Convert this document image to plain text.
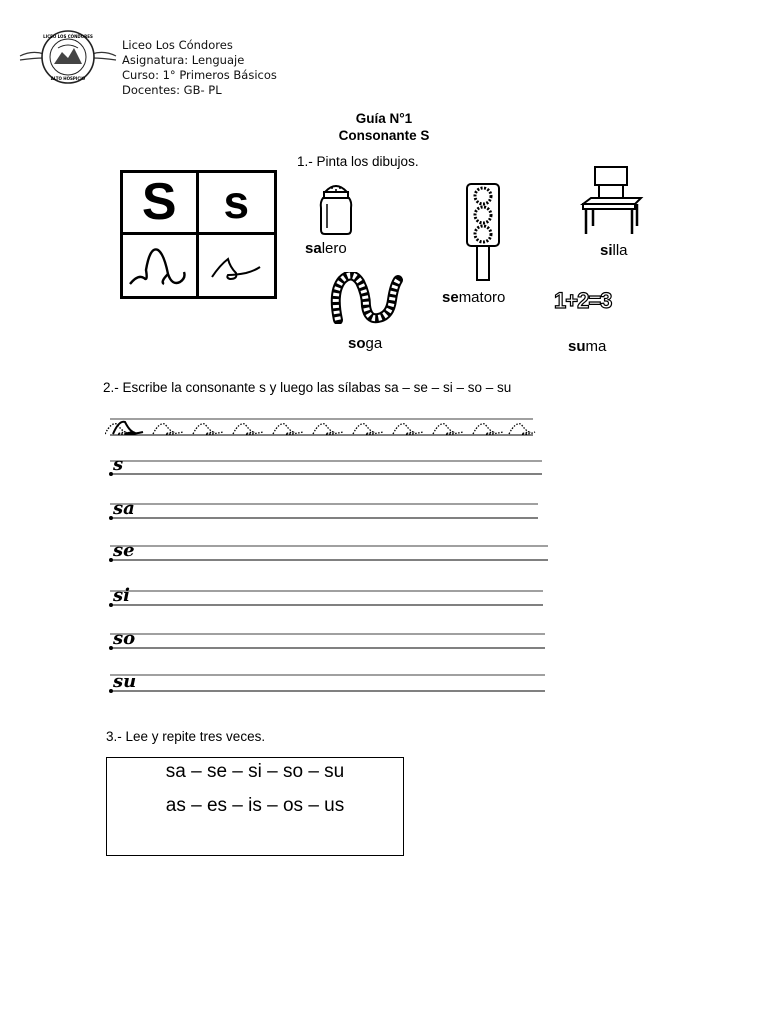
LICEO LOS CÓNDORES
ALTO HOSPICIO
Liceo Los Cóndores
Asignatura: Lenguaje
Curso: 1° Primeros Básicos
Docentes: GB- PL
Guía N°1
Consonante S
1.- Pinta los dibujos.
S	s
salero
sematoro
silla
soga
1+2=3
suma
2.- Escribe la consonante s y luego las sílabas sa – se – si – so – su
s
sa
se
si
so
su
3.- Lee y repite tres veces.
sa – se – si – so – su
as – es – is – os – us
